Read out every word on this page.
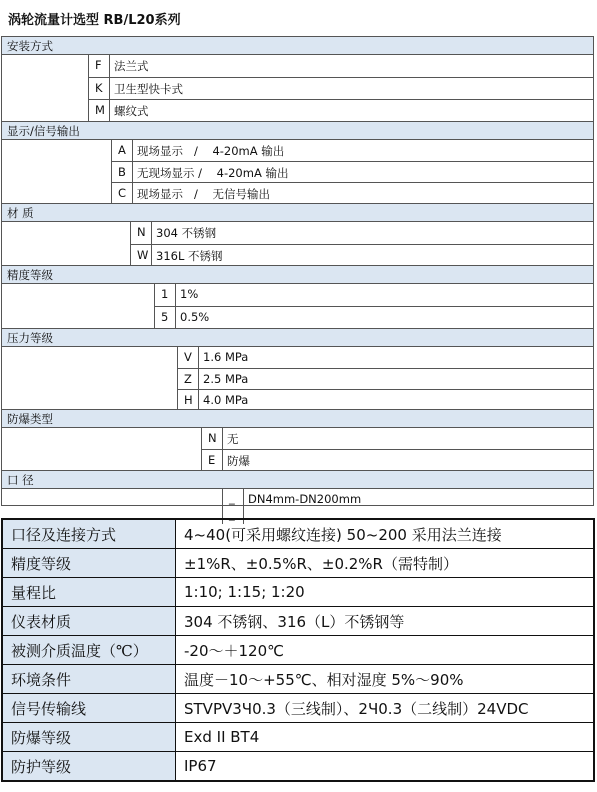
涡轮流量计选型 RB/L20系列
安装方式
F 法兰式
K 卫生型快卡式
M 螺纹式
显示/信号输出
A 现场显示   /    4-20mA 输出
B 无现场显示 /    4-20mA 输出
C 现场显示   /    无信号输出
材 质
N 304 不锈钢
W 316L 不锈钢
精度等级
1 1%
5 0.5%
压力等级
V 1.6 MPa
Z 2.5 MPa
H 4.0 MPa
防爆类型
N 无
E 防爆
口 径
_
_
DN4mm-DN200mm
口径及连接方式	4~40(可采用螺纹连接) 50~200 采用法兰连接
精度等级	±1%R、±0.5%R、±0.2%R（需特制）
量程比	1:10; 1:15; 1:20
仪表材质	304 不锈钢、316（L）不锈钢等
被测介质温度（℃）	-20～＋120℃
环境条件	温度－10～+55℃、相对湿度 5%～90%
信号传输线	STVPV3Ч0.3（三线制）、2Ч0.3（二线制）24VDC
防爆等级	Exd II BT4
防护等级	IP67
